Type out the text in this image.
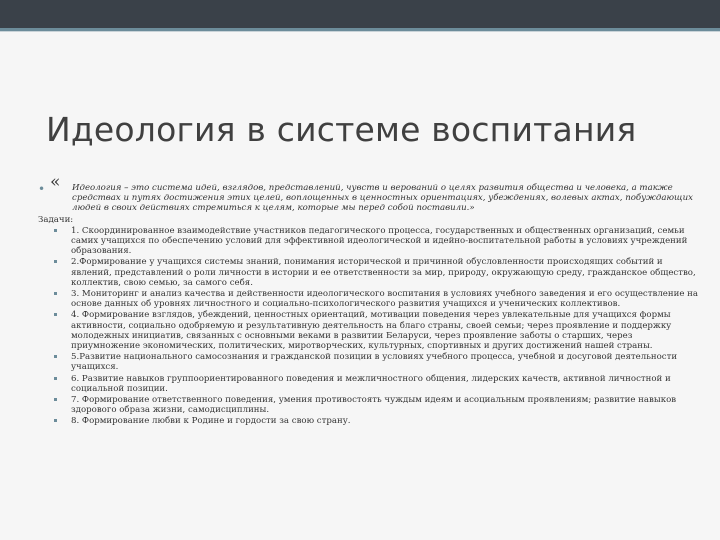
Идеология в системе воспитания
• « Идеология – это система идей, взглядов, представлений, чувств и верований о целях развития общества и человека, а также средствах и путях достижения этих целей, воплощенных в ценностных ориентациях, убеждениях, волевых актах, побуждающих людей в своих действиях стремиться к целям, которые мы перед собой поставили.»
Задачи:
1. Скоординированное взаимодействие участников педагогического процесса, государственных и общественных организаций, семьи самих учащихся по обеспечению условий для эффективной идеологической и идейно-воспитательной работы в условиях учреждений образования.
2.Формирование у учащихся системы знаний, понимания исторической и причинной обусловленности происходящих событий и явлений, представлений о роли личности в истории и ее ответственности за мир, природу, окружающую среду, гражданское общество, коллектив, свою семью, за самого себя.
3. Мониторинг и анализ качества и действенности идеологического воспитания в условиях учебного заведения и его осуществление на основе данных об уровнях личностного и социально-психологического развития учащихся и ученических коллективов.
4. Формирование взглядов, убеждений, ценностных ориентаций, мотивации поведения через увлекательные для учащихся формы активности, социально одобряемую и результативную деятельность на благо страны, своей семьи; через проявление и поддержку молодежных инициатив, связанных с основными веками в развитии Беларуси, через проявление заботы о старших, через приумножение экономических, политических, миротворческих, культурных, спортивных и других достижений нашей страны.
5.Развитие национального самосознания и гражданской позиции в условиях учебного процесса, учебной и досуговой деятельности учащихся.
6. Развитие навыков группоориентированного поведения и межличностного общения, лидерских качеств, активной личностной и социальной позиции.
7. Формирование ответственного поведения, умения противостоять чуждым идеям и асоциальным проявлениям; развитие навыков здорового образа жизни, самодисциплины.
8. Формирование любви к Родине и гордости за свою страну.
